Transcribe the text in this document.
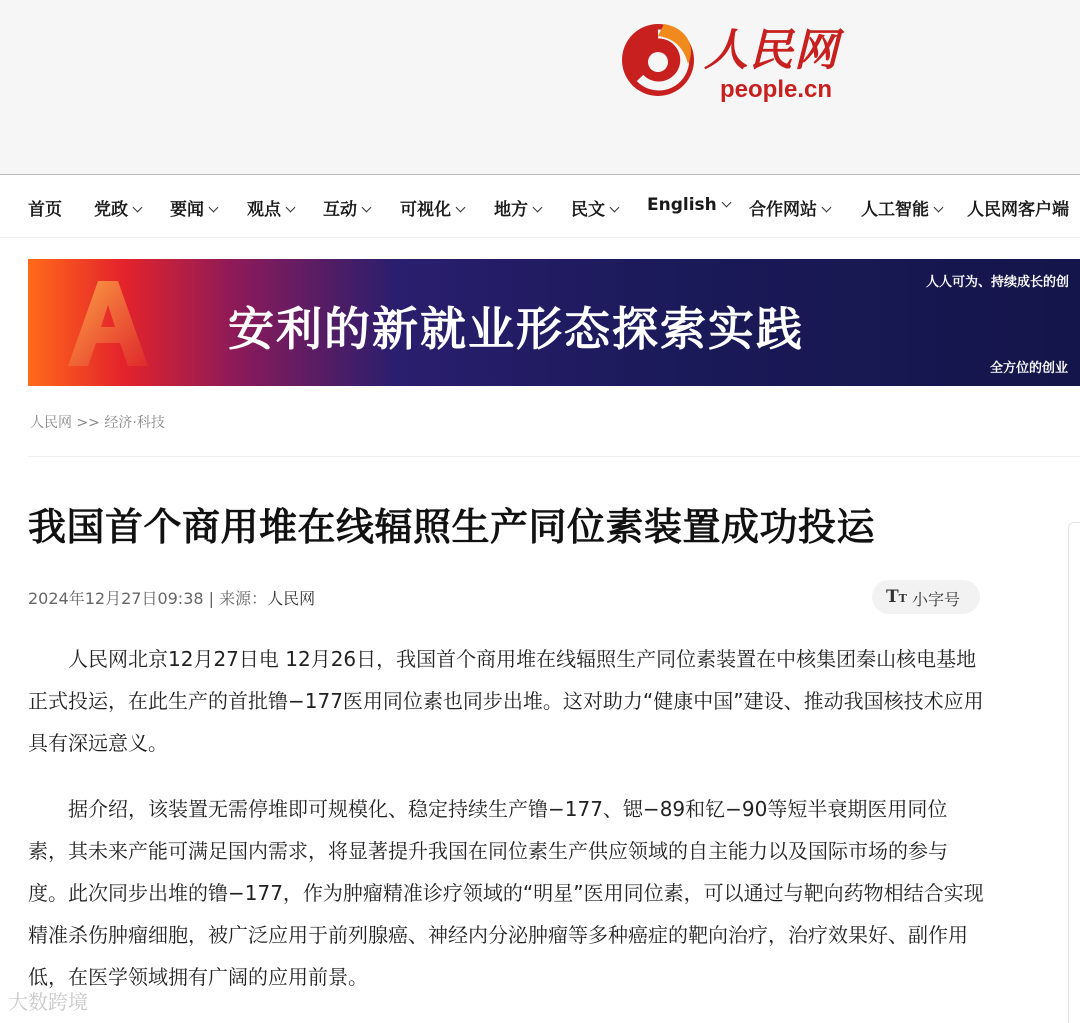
人民网
people.cn
首页 党政	要闻	观点	互动	可视化	地方	民文	English	合作网站	人工智能	人民网客户端
安利的新就业形态探索实践
人人可为、持续成长的创
全方位的创业
人民网 >> 经济·科技
我国首个商用堆在线辐照生产同位素装置成功投运
2024年12月27日09:38 | 来源：人民网	TT 小字号

人民网北京12月27日电 12月26日，我国首个商用堆在线辐照生产同位素装置在中核集团秦山核电基地正式投运，在此生产的首批镥−177医用同位素也同步出堆。这对助力“健康中国”建设、推动我国核技术应用具有深远意义。

据介绍，该装置无需停堆即可规模化、稳定持续生产镥−177、锶−89和钇−90等短半衰期医用同位素，其未来产能可满足国内需求，将显著提升我国在同位素生产供应领域的自主能力以及国际市场的参与度。此次同步出堆的镥−177，作为肿瘤精准诊疗领域的“明星”医用同位素，可以通过与靶向药物相结合实现精准杀伤肿瘤细胞，被广泛应用于前列腺癌、神经内分泌肿瘤等多种癌症的靶向治疗，治疗效果好、副作用低，在医学领域拥有广阔的应用前景。

大数跨境
